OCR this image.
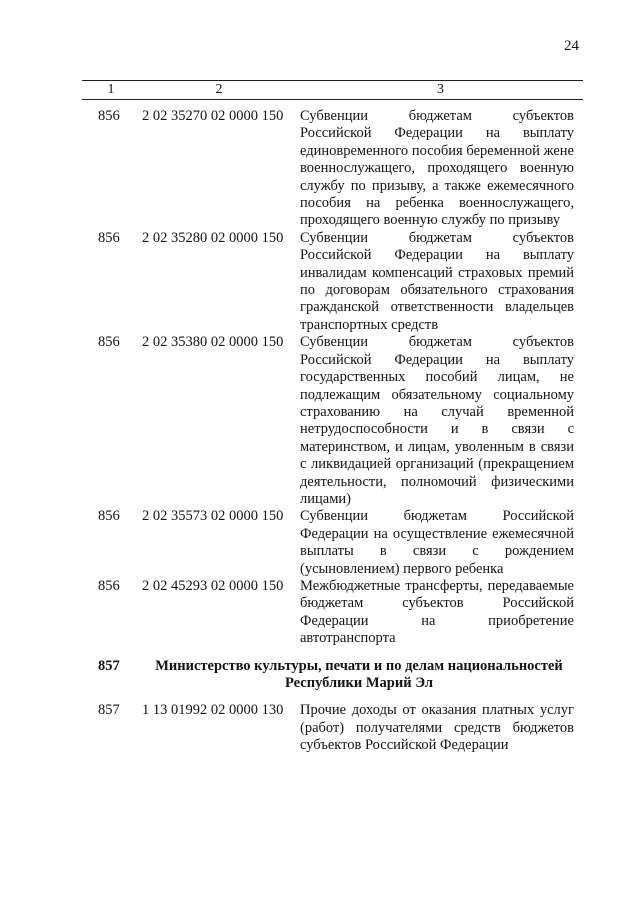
24
1	2	3
856 2 02 35270 02 0000 150 Субвенции бюджетам субъектов Российской Федерации на выплату единовременного пособия беременной жене военнослужащего, проходящего военную службу по призыву, а также ежемесячного пособия на ребенка военнослужащего, проходящего военную службу по призыву
856 2 02 35280 02 0000 150 Субвенции бюджетам субъектов Российской Федерации на выплату инвалидам компенсаций страховых премий по договорам обязательного страхования гражданской ответственности владельцев транспортных средств
856 2 02 35380 02 0000 150 Субвенции бюджетам субъектов Российской Федерации на выплату государственных пособий лицам, не подлежащим обязательному социальному страхованию на случай временной нетрудоспособности и в связи с материнством, и лицам, уволенным в связи с ликвидацией организаций (прекращением деятельности, полномочий физическими лицами)
856 2 02 35573 02 0000 150 Субвенции бюджетам Российской Федерации на осуществление ежемесячной выплаты в связи с рождением (усыновлением) первого ребенка
856 2 02 45293 02 0000 150 Межбюджетные трансферты, передаваемые бюджетам субъектов Российской Федерации на приобретение автотранспорта
857	Министерство культуры, печати и по делам национальностей Республики Марий Эл
857 1 13 01992 02 0000 130 Прочие доходы от оказания платных услуг (работ) получателями средств бюджетов субъектов Российской Федерации
